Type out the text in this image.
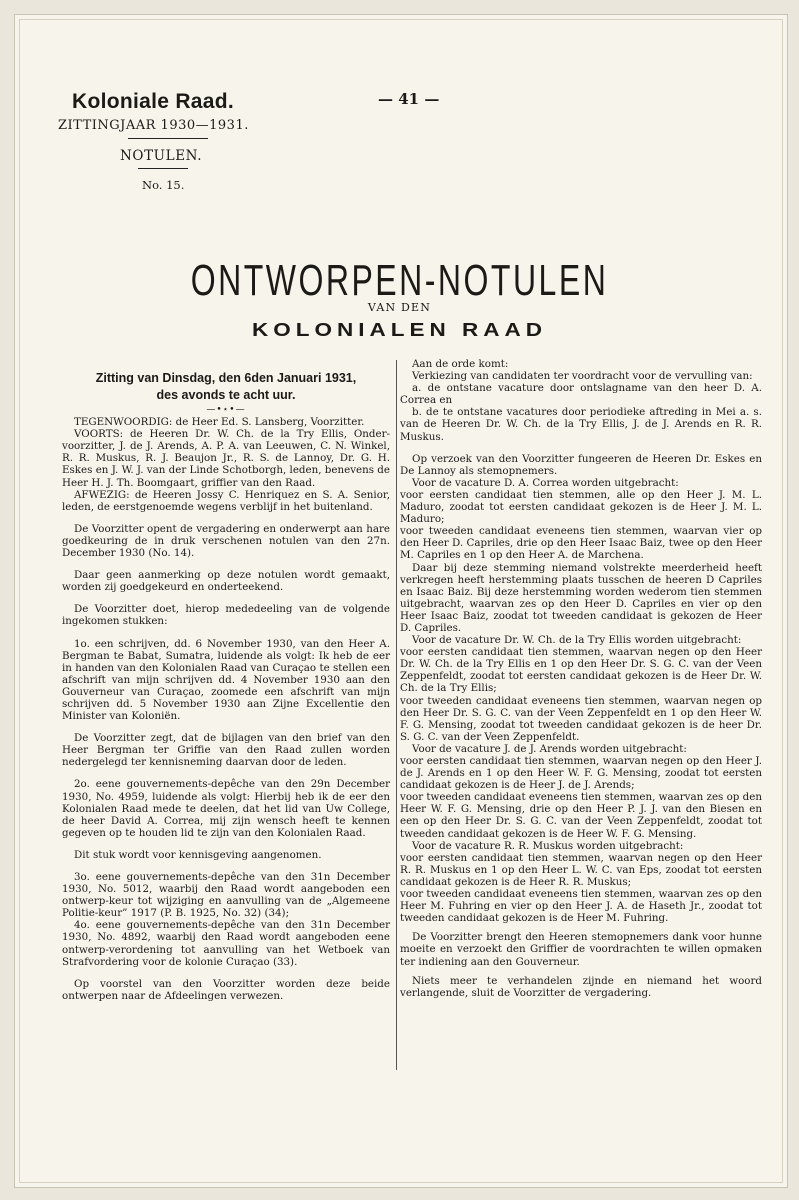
Koloniale Raad.
ZITTINGJAAR 1930—1931.
NOTULEN.
No. 15.
— 41 —
ONTWORPEN-NOTULEN
VAN DEN
KOLONIALEN RAAD

Zitting van Dinsdag, den 6den Januari 1931,

des avonds te acht uur.

—•⋆•—

TEGENWOORDIG: de Heer Ed. S. Lansberg, Voorzitter.

VOORTS: de Heeren Dr. W. Ch. de la Try Ellis, Onder-voorzitter, J. de J. Arends, A. P. A. van Leeuwen, C. N. Winkel, R. R. Muskus, R. J. Beaujon Jr., R. S. de Lannoy, Dr. G. H. Eskes en J. W. J. van der Linde Schotborgh, leden, benevens de Heer H. J. Th. Boomgaart, griffier van den Raad.

AFWEZIG: de Heeren Jossy C. Henriquez en S. A. Senior, leden, de eerstgenoemde wegens verblijf in het buitenland.

De Voorzitter opent de vergadering en onderwerpt aan hare goedkeuring de in druk verschenen notulen van den 27n. December 1930 (No. 14).

Daar geen aanmerking op deze notulen wordt gemaakt, worden zij goedgekeurd en onderteekend.

De Voorzitter doet, hierop mededeeling van de volgende ingekomen stukken:

1o. een schrijven, dd. 6 November 1930, van den Heer A. Bergman te Babat, Sumatra, luidende als volgt: Ik heb de eer in handen van den Kolonialen Raad van Curaçao te stellen een afschrift van mijn schrijven dd. 4 November 1930 aan den Gouverneur van Curaçao, zoomede een afschrift van mijn schrijven dd. 5 November 1930 aan Zijne Excellentie den Minister van Koloniën.

De Voorzitter zegt, dat de bijlagen van den brief van den Heer Bergman ter Griffie van den Raad zullen worden nedergelegd ter kennisneming daarvan door de leden.

2o. eene gouvernements-depêche van den 29n December 1930, No. 4959, luidende als volgt: Hierbij heb ik de eer den Kolonialen Raad mede te deelen, dat het lid van Uw College, de heer David A. Correa, mij zijn wensch heeft te kennen gegeven op te houden lid te zijn van den Kolonialen Raad.

Dit stuk wordt voor kennisgeving aangenomen.

3o. eene gouvernements-depêche van den 31n December 1930, No. 5012, waarbij den Raad wordt aangeboden een ontwerp-keur tot wijziging en aanvulling van de „Algemeene Politie-keur” 1917 (P. B. 1925, No. 32) (34);

4o. eene gouvernements-depêche van den 31n December 1930, No. 4892, waarbij den Raad wordt aangeboden eene ontwerp-verordening tot aanvulling van het Wetboek van Strafvordering voor de kolonie Curaçao (33).

Op voorstel van den Voorzitter worden deze beide ontwerpen naar de Afdeelingen verwezen.

Aan de orde komt:

Verkiezing van candidaten ter voordracht voor de vervulling van:

a. de ontstane vacature door ontslagname van den heer D. A. Correa en

b. de te ontstane vacatures door periodieke aftreding in Mei a. s. van de Heeren Dr. W. Ch. de la Try Ellis, J. de J. Arends en R. R. Muskus.

Op verzoek van den Voorzitter fungeeren de Heeren Dr. Eskes en De Lannoy als stemopnemers.

Voor de vacature D. A. Correa worden uitgebracht:

voor eersten candidaat tien stemmen, alle op den Heer J. M. L. Maduro, zoodat tot eersten candidaat gekozen is de Heer J. M. L. Maduro;

voor tweeden candidaat eveneens tien stemmen, waarvan vier op den Heer D. Capriles, drie op den Heer Isaac Baiz, twee op den Heer M. Capriles en 1 op den Heer A. de Marchena.

Daar bij deze stemming niemand volstrekte meerderheid heeft verkregen heeft herstemming plaats tusschen de heeren D Capriles en Isaac Baiz. Bij deze herstemming worden wederom tien stemmen uitgebracht, waarvan zes op den Heer D. Capriles en vier op den Heer Isaac Baiz, zoodat tot tweeden candidaat is gekozen de Heer D. Capriles.

Voor de vacature Dr. W. Ch. de la Try Ellis worden uitgebracht:

voor eersten candidaat tien stemmen, waarvan negen op den Heer Dr. W. Ch. de la Try Ellis en 1 op den Heer Dr. S. G. C. van der Veen Zeppenfeldt, zoodat tot eersten candidaat gekozen is de Heer Dr. W. Ch. de la Try Ellis;

voor tweeden candidaat eveneens tien stemmen, waarvan negen op den Heer Dr. S. G. C. van der Veen Zeppenfeldt en 1 op den Heer W. F. G. Mensing, zoodat tot tweeden candidaat gekozen is de heer Dr. S. G. C. van der Veen Zeppenfeldt.

Voor de vacature J. de J. Arends worden uitgebracht:

voor eersten candidaat tien stemmen, waarvan negen op den Heer J. de J. Arends en 1 op den Heer W. F. G. Mensing, zoodat tot eersten candidaat gekozen is de Heer J. de J. Arends;

voor tweeden candidaat eveneens tien stemmen, waarvan zes op den Heer W. F. G. Mensing, drie op den Heer P. J. J. van den Biesen en een op den Heer Dr. S. G. C. van der Veen Zeppenfeldt, zoodat tot tweeden candidaat gekozen is de Heer W. F. G. Mensing.

Voor de vacature R. R. Muskus worden uitgebracht:

voor eersten candidaat tien stemmen, waarvan negen op den Heer R. R. Muskus en 1 op den Heer L. W. C. van Eps, zoodat tot eersten candidaat gekozen is de Heer R. R. Muskus;

voor tweeden candidaat eveneens tien stemmen, waarvan zes op den Heer M. Fuhring en vier op den Heer J. A. de Haseth Jr., zoodat tot tweeden candidaat gekozen is de Heer M. Fuhring.

De Voorzitter brengt den Heeren stemopnemers dank voor hunne moeite en verzoekt den Griffier de voordrachten te willen opmaken ter indiening aan den Gouverneur.

Niets meer te verhandelen zijnde en niemand het woord verlangende, sluit de Voorzitter de vergadering.
